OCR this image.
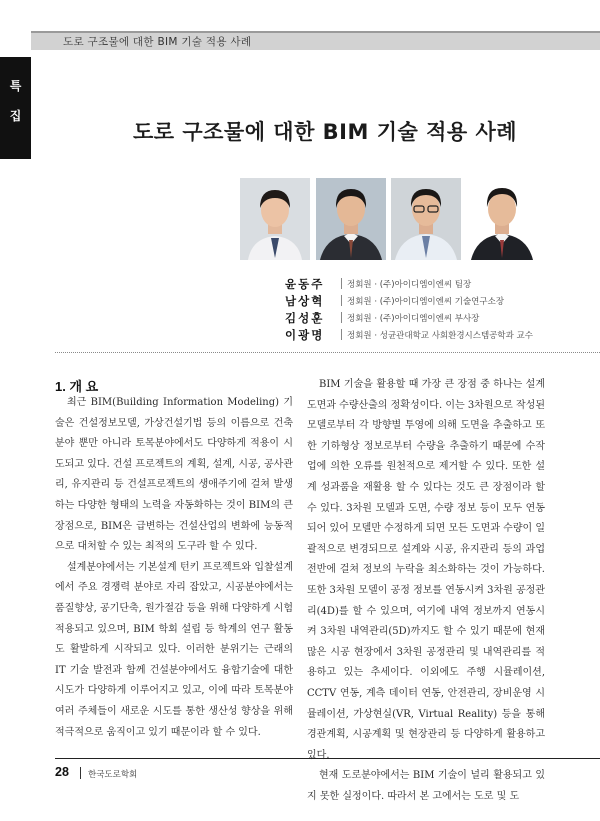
도로 구조물에 대한 BIM 기술 적용 사례
특
집
도로 구조물에 대한 BIM 기술 적용 사례
윤동주	정회원 · (주)아이디엠이엔씨 팀장
남상혁	정회원 · (주)아이디엠이엔씨 기술연구소장
김성훈	정회원 · (주)아이디엠이엔씨 부사장
이광명	정회원 · 성균관대학교 사회환경시스템공학과 교수
1. 개 요

최근 BIM(Building Information Modeling) 기술은 건설정보모델, 가상건설기법 등의 이름으로 건축분야 뿐만 아니라 토목분야에서도 다양하게 적용이 시도되고 있다. 건설 프로젝트의 계획, 설계, 시공, 공사관리, 유지관리 등 건설프로젝트의 생애주기에 걸쳐 발생하는 다양한 형태의 노력을 자동화하는 것이 BIM의 큰 장점으로, BIM은 급변하는 건설산업의 변화에 능동적으로 대처할 수 있는 최적의 도구라 할 수 있다.

설계분야에서는 기본설계 턴키 프로젝트와 입찰설계에서 주요 경쟁력 분야로 자리 잡았고, 시공분야에서는 품질향상, 공기단축, 원가절감 등을 위해 다양하게 시험 적용되고 있으며, BIM 학회 설립 등 학계의 연구 활동도 활발하게 시작되고 있다. 이러한 분위기는 근래의 IT 기술 발전과 함께 건설분야에서도 융합기술에 대한 시도가 다양하게 이루어지고 있고, 이에 따라 토목분야 여러 주체들이 새로운 시도를 통한 생산성 향상을 위해 적극적으로 움직이고 있기 때문이라 할 수 있다.

BIM 기술을 활용할 때 가장 큰 장점 중 하나는 설계 도면과 수량산출의 정확성이다. 이는 3차원으로 작성된 모델로부터 각 방향별 투영에 의해 도면을 추출하고 또한 기하형상 정보로부터 수량을 추출하기 때문에 수작업에 의한 오류를 원천적으로 제거할 수 있다. 또한 설계 성과품을 재활용 할 수 있다는 것도 큰 장점이라 할 수 있다. 3차원 모델과 도면, 수량 정보 등이 모두 연동되어 있어 모델만 수정하게 되면 모든 도면과 수량이 일괄적으로 변경되므로 설계와 시공, 유지관리 등의 과업 전반에 걸쳐 정보의 누락을 최소화하는 것이 가능하다. 또한 3차원 모델이 공정 정보를 연동시켜 3차원 공정관리(4D)를 할 수 있으며, 여기에 내역 정보까지 연동시켜 3차원 내역관리(5D)까지도 할 수 있기 때문에 현재 많은 시공 현장에서 3차원 공정관리 및 내역관리를 적용하고 있는 추세이다. 이외에도 주행 시뮬레이션, CCTV 연동, 계측 데이터 연동, 안전관리, 장비운영 시뮬레이션, 가상현실(VR, Virtual Reality) 등을 통해 경관계획, 시공계획 및 현장관리 등 다양하게 활용하고 있다.

현재 도로분야에서는 BIM 기술이 널리 활용되고 있지 못한 실정이다. 따라서 본 고에서는 도로 및 도

28 한국도로학회
